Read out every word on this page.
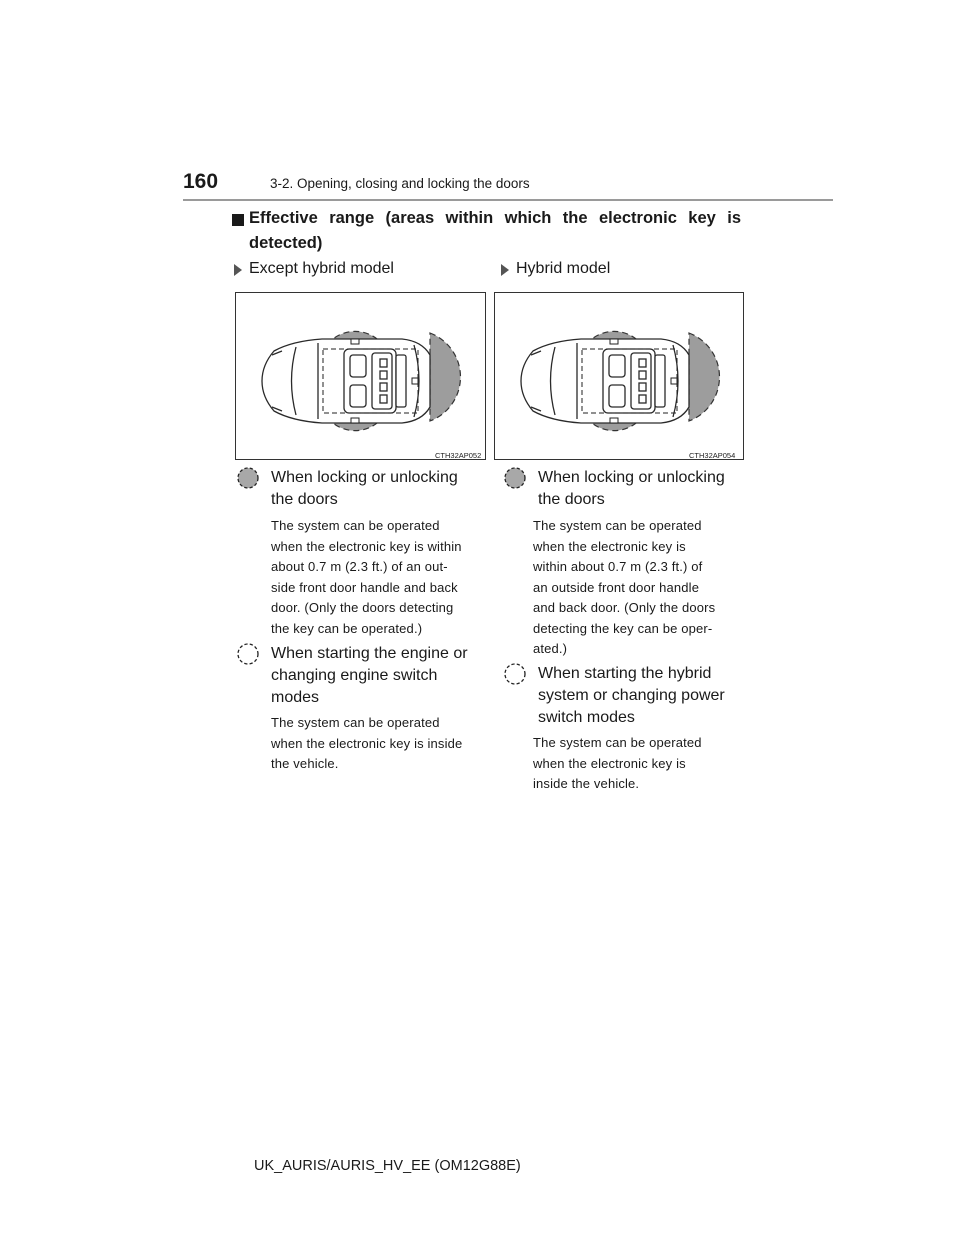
160	3-2. Opening, closing and locking the doors
Effective range (areas within which the electronic key is detected)
Except hybrid model	Hybrid model
CTH32AP052	CTH32AP054
When locking or unlocking
the doors
The system can be operated
when the electronic key is within
about 0.7 m (2.3 ft.) of an out-
side front door handle and back
door. (Only the doors detecting
the key can be operated.)
When starting the engine or
changing engine switch
modes
The system can be operated
when the electronic key is inside
the vehicle.
When locking or unlocking
the doors
The system can be operated
when the electronic key is
within about 0.7 m (2.3 ft.) of
an outside front door handle
and back door. (Only the doors
detecting the key can be oper-
ated.)
When starting the hybrid
system or changing power
switch modes
The system can be operated
when the electronic key is
inside the vehicle.
UK_AURIS/AURIS_HV_EE (OM12G88E)
